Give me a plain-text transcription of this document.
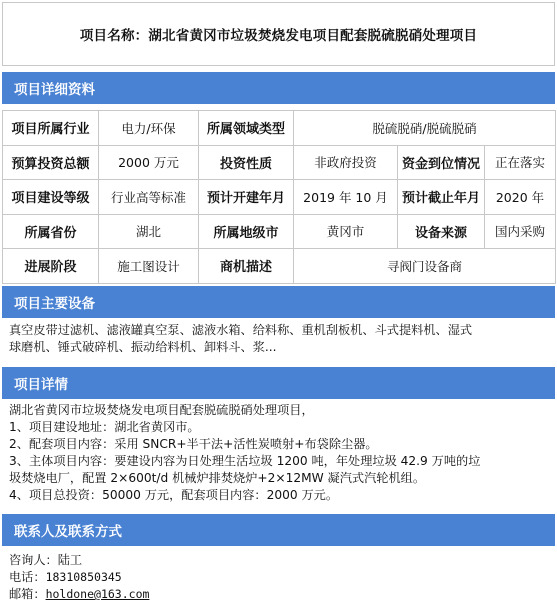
项目名称：湖北省黄冈市垃圾焚烧发电项目配套脱硫脱硝处理项目
项目详细资料
项目所属行业	电力/环保	所属领域类型	脱硫脱硝/脱硫脱硝		
预算投资总额	2000 万元	投资性质	非政府投资	资金到位情况	正在落实
项目建设等级	行业高等标准	预计开建年月	2019 年 10 月	预计截止年月	2020 年
所属省份	湖北	所属地级市	黄冈市	设备来源	国内采购
进展阶段	施工图设计	商机描述	寻阀门设备商		
项目主要设备
真空皮带过滤机、滤液罐真空泵、滤液水箱、给料称、重机刮板机、斗式提料机、湿式
球磨机、锤式破碎机、振动给料机、卸料斗、浆...
项目详情
湖北省黄冈市垃圾焚烧发电项目配套脱硫脱硝处理项目，
1、项目建设地址：湖北省黄冈市。
2、配套项目内容：采用 SNCR+半干法+活性炭喷射+布袋除尘器。
3、主体项目内容：要建设内容为日处理生活垃圾 1200 吨，年处理垃圾 42.9 万吨的垃
圾焚烧电厂，配置 2×600t/d 机械炉排焚烧炉+2×12MW 凝汽式汽轮机组。
4、项目总投资：50000 万元，配套项目内容：2000 万元。
联系人及联系方式
咨询人：陆工
电话：18310850345
邮箱：holdone@163.com
